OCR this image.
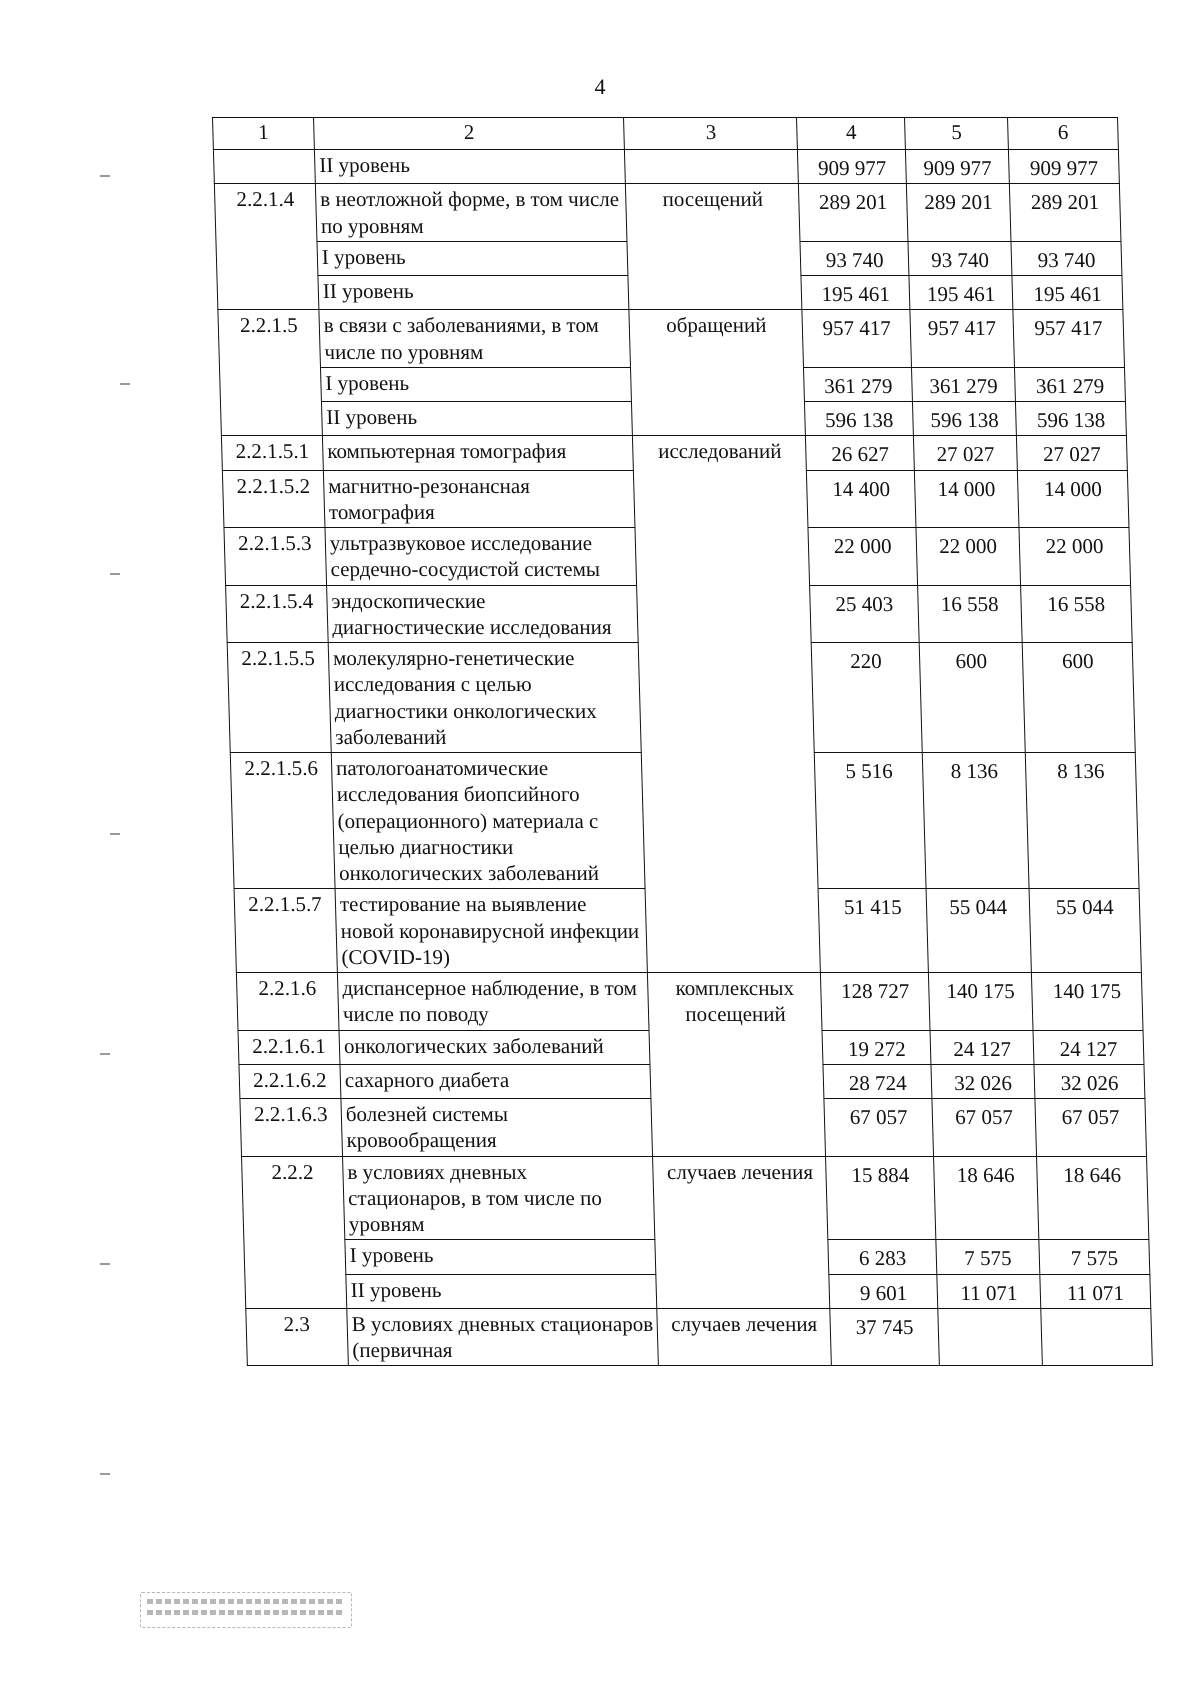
4
1	2	3	4	5	6
	II уровень		909 977	909 977	909 977
2.2.1.4	в неотложной форме, в том числе по уровням	посещений	289 201	289 201	289 201
	I уровень		93 740	93 740	93 740
	II уровень		195 461	195 461	195 461
2.2.1.5	в связи с заболеваниями, в том числе по уровням	обращений	957 417	957 417	957 417
	I уровень		361 279	361 279	361 279
	II уровень		596 138	596 138	596 138
2.2.1.5.1	компьютерная томография	исследований	26 627	27 027	27 027
2.2.1.5.2	магнитно-резонансная томография		14 400	14 000	14 000
2.2.1.5.3	ультразвуковое исследование сердечно-сосудистой системы		22 000	22 000	22 000
2.2.1.5.4	эндоскопические диагностические исследования		25 403	16 558	16 558
2.2.1.5.5	молекулярно-генетические исследования с целью диагностики онкологических заболеваний		220	600	600
2.2.1.5.6	патологоанатомические исследования биопсийного (операционного) материала с целью диагностики онкологических заболеваний		5 516	8 136	8 136
2.2.1.5.7	тестирование на выявление новой коронавирусной инфекции (COVID-19)		51 415	55 044	55 044
2.2.1.6	диспансерное наблюдение, в том числе по поводу	комплексных посещений	128 727	140 175	140 175
2.2.1.6.1	онкологических заболеваний		19 272	24 127	24 127
2.2.1.6.2	сахарного диабета		28 724	32 026	32 026
2.2.1.6.3	болезней системы кровообращения		67 057	67 057	67 057
2.2.2	в условиях дневных стационаров, в том числе по уровням	случаев лечения	15 884	18 646	18 646
	I уровень		6 283	7 575	7 575
	II уровень		9 601	11 071	11 071
2.3	В условиях дневных стационаров (первичная	случаев лечения	37 745		
